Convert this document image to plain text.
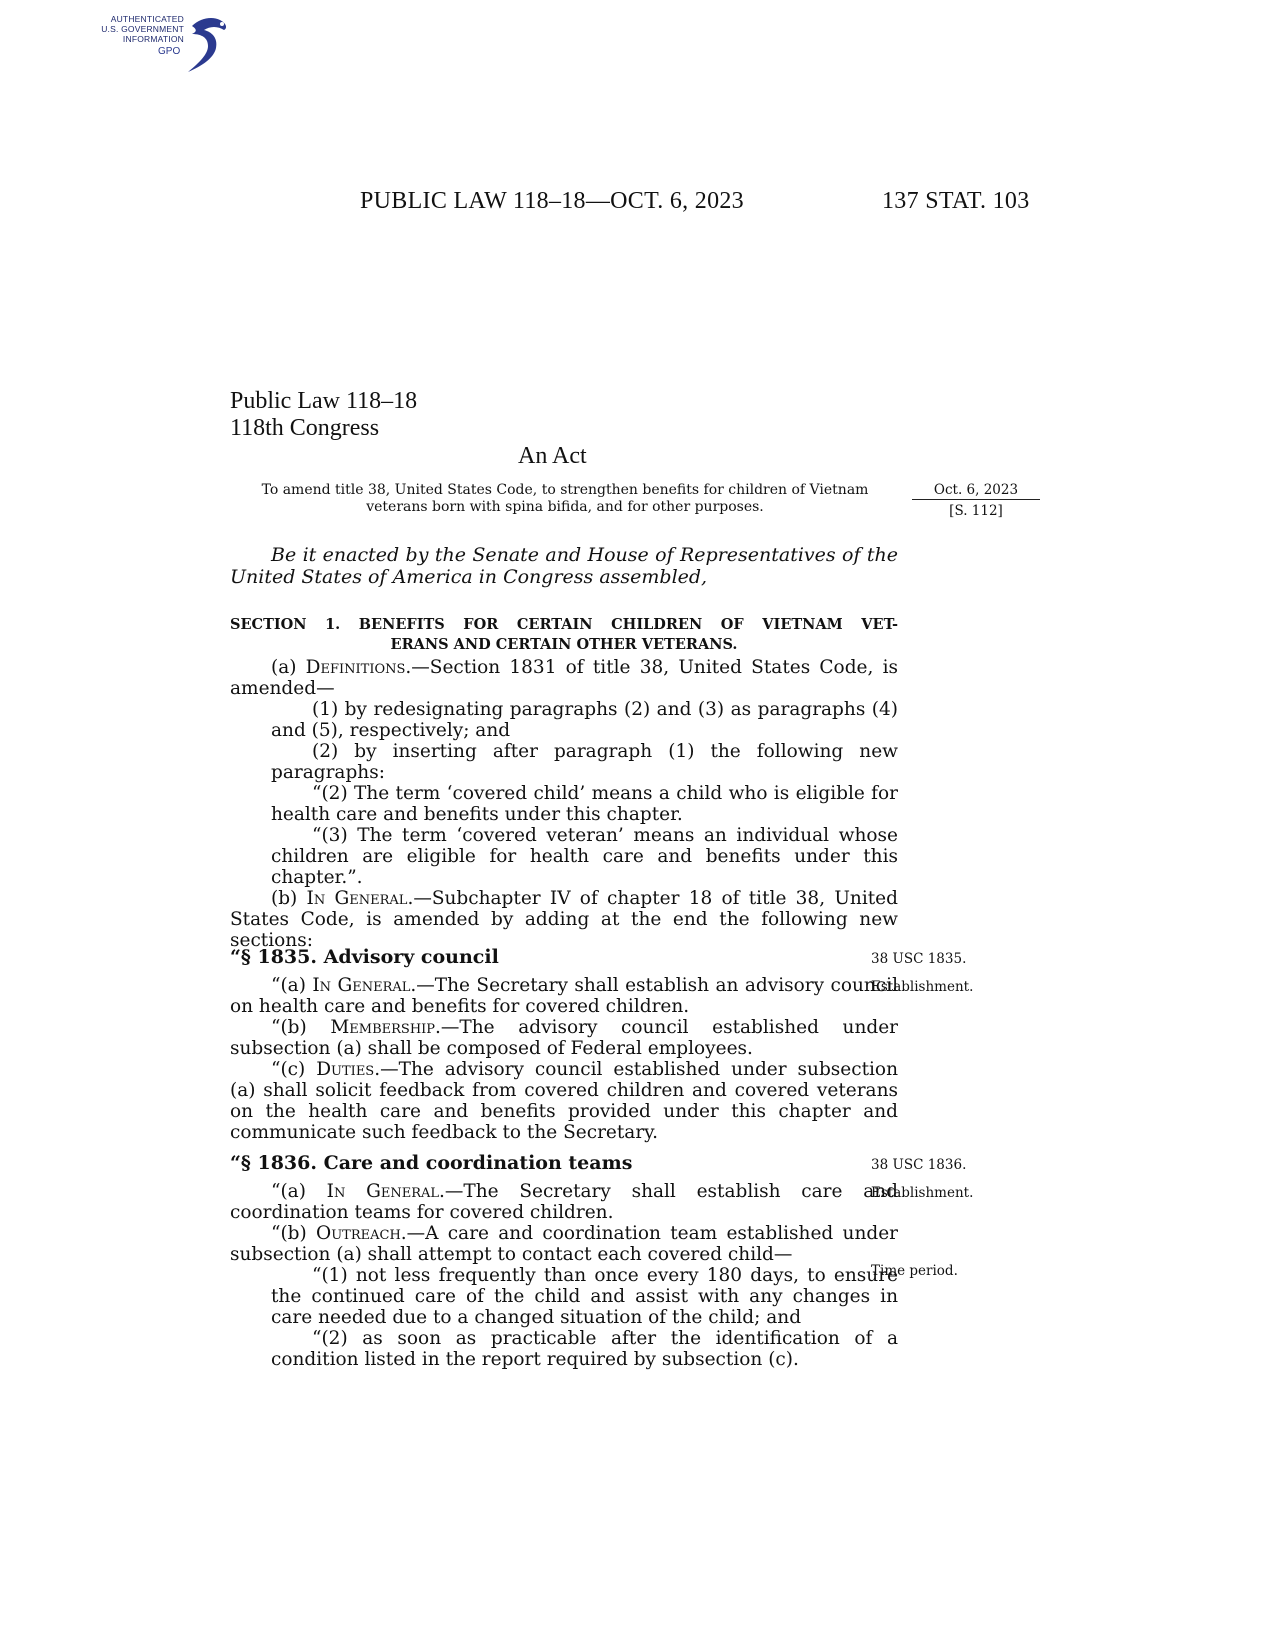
AUTHENTICATED
U.S. GOVERNMENT
INFORMATION
GPO
PUBLIC LAW 118–18—OCT. 6, 2023	137 STAT. 103
Public Law 118–18
118th Congress
An Act
To amend title 38, United States Code, to strengthen benefits for children of Vietnam veterans born with spina bifida, and for other purposes.
Oct. 6, 2023
[S. 112]
Be it enacted by the Senate and House of Representatives of the United States of America in Congress assembled,
SECTION 1. BENEFITS FOR CERTAIN CHILDREN OF VIETNAM VET-
ERANS AND CERTAIN OTHER VETERANS.

(a) Definitions.—Section 1831 of title 38, United States Code, is amended—

(1) by redesignating paragraphs (2) and (3) as paragraphs (4) and (5), respectively; and

(2) by inserting after paragraph (1) the following new paragraphs:

“(2) The term ‘covered child’ means a child who is eligible for health care and benefits under this chapter.

“(3) The term ‘covered veteran’ means an individual whose children are eligible for health care and benefits under this chapter.”.

(b) In General.—Subchapter IV of chapter 18 of title 38, United States Code, is amended by adding at the end the following new sections:

“§ 1835. Advisory council	38 USC 1835.
Establishment.

“(a) In General.—The Secretary shall establish an advisory council on health care and benefits for covered children.

“(b) Membership.—The advisory council established under subsection (a) shall be composed of Federal employees.

“(c) Duties.—The advisory council established under subsection (a) shall solicit feedback from covered children and covered veterans on the health care and benefits provided under this chapter and communicate such feedback to the Secretary.

“§ 1836. Care and coordination teams	38 USC 1836.
Establishment.
Time period.

“(a) In General.—The Secretary shall establish care and coordination teams for covered children.

“(b) Outreach.—A care and coordination team established under subsection (a) shall attempt to contact each covered child—

“(1) not less frequently than once every 180 days, to ensure the continued care of the child and assist with any changes in care needed due to a changed situation of the child; and

“(2) as soon as practicable after the identification of a condition listed in the report required by subsection (c).
